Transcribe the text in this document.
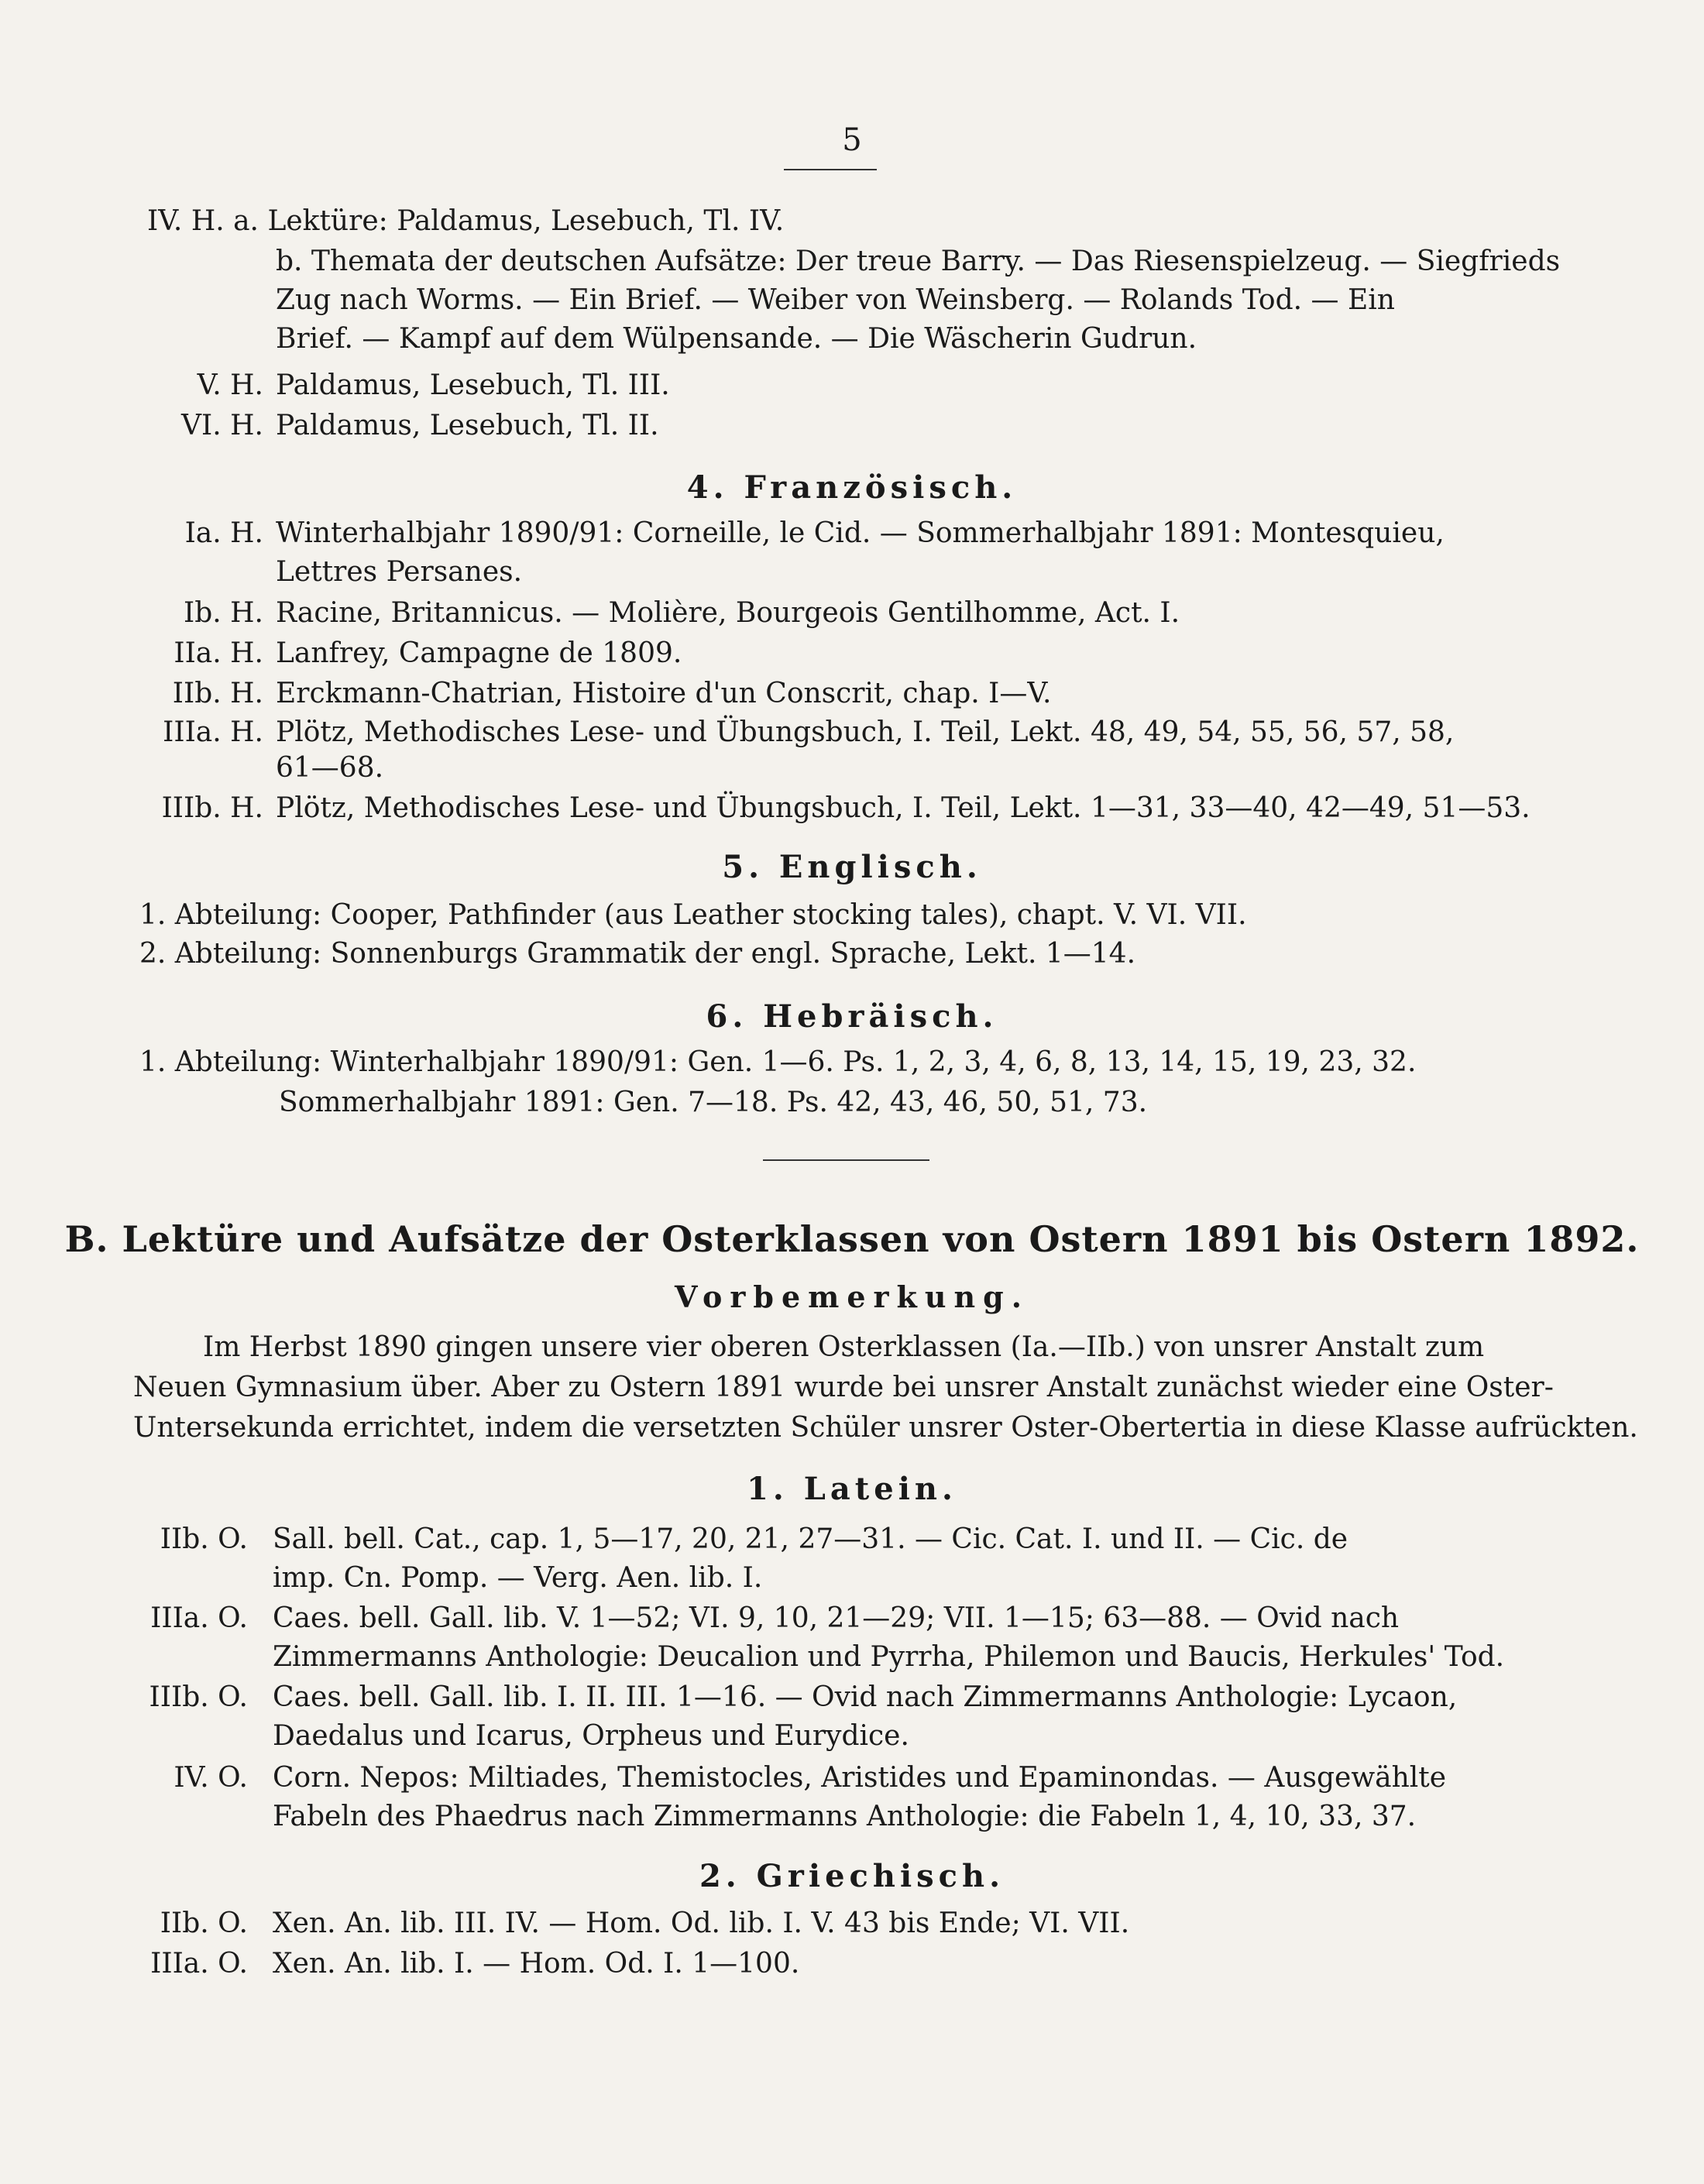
5
IV. H. a. Lektüre: Paldamus, Lesebuch, Tl. IV.
b. Themata der deutschen Aufsätze: Der treue Barry. — Das Riesenspielzeug. — Siegfrieds
Zug nach Worms. — Ein Brief. — Weiber von Weinsberg. — Rolands Tod. — Ein
Brief. — Kampf auf dem Wülpensande. — Die Wäscherin Gudrun.
V. H. Paldamus, Lesebuch, Tl. III.
VI. H. Paldamus, Lesebuch, Tl. II.
4. Französisch.
Ia. H. Winterhalbjahr 1890/91: Corneille, le Cid. — Sommerhalbjahr 1891: Montesquieu,
Lettres Persanes.
Ib. H. Racine, Britannicus. — Molière, Bourgeois Gentilhomme, Act. I.
IIa. H. Lanfrey, Campagne de 1809.
IIb. H. Erckmann-Chatrian, Histoire d'un Conscrit, chap. I—V.
IIIa. H. Plötz, Methodisches Lese- und Übungsbuch, I. Teil, Lekt. 48, 49, 54, 55, 56, 57, 58,
61—68.
IIIb. H. Plötz, Methodisches Lese- und Übungsbuch, I. Teil, Lekt. 1—31, 33—40, 42—49, 51—53.
5. Englisch.
1. Abteilung: Cooper, Pathfinder (aus Leather stocking tales), chapt. V. VI. VII.
2. Abteilung: Sonnenburgs Grammatik der engl. Sprache, Lekt. 1—14.
6. Hebräisch.
1. Abteilung: Winterhalbjahr 1890/91: Gen. 1—6. Ps. 1, 2, 3, 4, 6, 8, 13, 14, 15, 19, 23, 32.
Sommerhalbjahr 1891: Gen. 7—18. Ps. 42, 43, 46, 50, 51, 73.
B. Lektüre und Aufsätze der Osterklassen von Ostern 1891 bis Ostern 1892.
Vorbemerkung.
Im Herbst 1890 gingen unsere vier oberen Osterklassen (Ia.—IIb.) von unsrer Anstalt zum
Neuen Gymnasium über. Aber zu Ostern 1891 wurde bei unsrer Anstalt zunächst wieder eine Oster-
Untersekunda errichtet, indem die versetzten Schüler unsrer Oster-Obertertia in diese Klasse aufrückten.
1. Latein.
IIb. O. Sall. bell. Cat., cap. 1, 5—17, 20, 21, 27—31. — Cic. Cat. I. und II. — Cic. de
imp. Cn. Pomp. — Verg. Aen. lib. I.
IIIa. O. Caes. bell. Gall. lib. V. 1—52; VI. 9, 10, 21—29; VII. 1—15; 63—88. — Ovid nach
Zimmermanns Anthologie: Deucalion und Pyrrha, Philemon und Baucis, Herkules' Tod.
IIIb. O. Caes. bell. Gall. lib. I. II. III. 1—16. — Ovid nach Zimmermanns Anthologie: Lycaon,
Daedalus und Icarus, Orpheus und Eurydice.
IV. O. Corn. Nepos: Miltiades, Themistocles, Aristides und Epaminondas. — Ausgewählte
Fabeln des Phaedrus nach Zimmermanns Anthologie: die Fabeln 1, 4, 10, 33, 37.
2. Griechisch.
IIb. O. Xen. An. lib. III. IV. — Hom. Od. lib. I. V. 43 bis Ende; VI. VII.
IIIa. O. Xen. An. lib. I. — Hom. Od. I. 1—100.
